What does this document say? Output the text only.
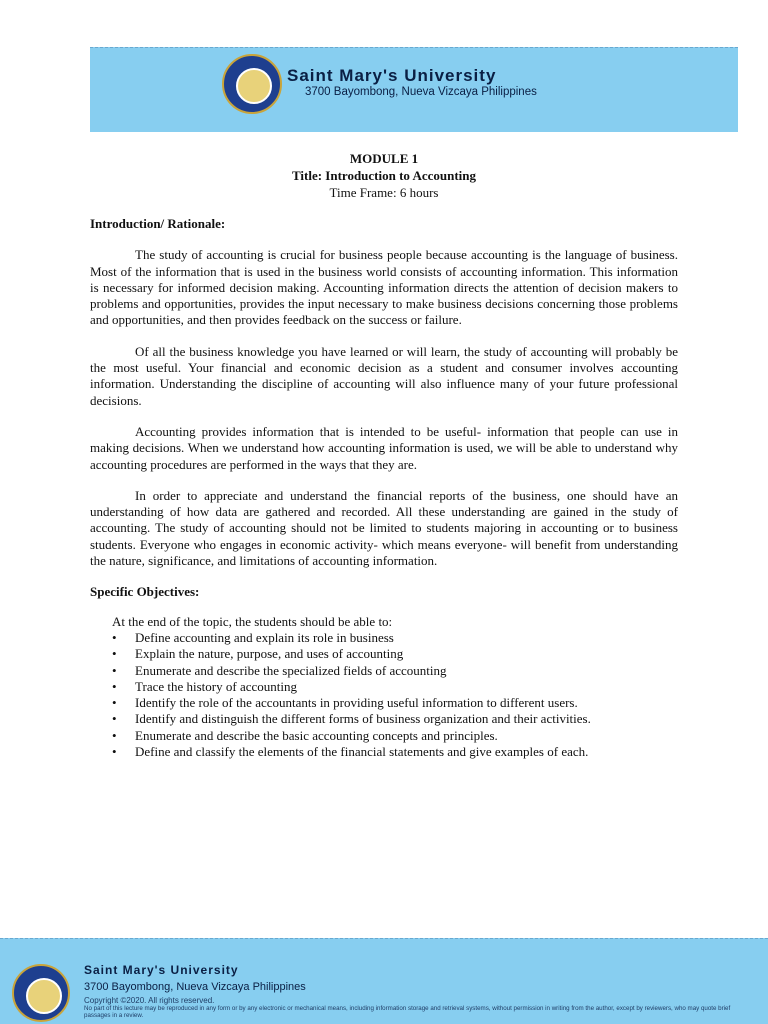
Saint Mary's University
3700 Bayombong, Nueva Vizcaya Philippines
MODULE 1
Title: Introduction to Accounting
Time Frame: 6 hours

Introduction/ Rationale:

The study of accounting is crucial for business people because accounting is the language of business. Most of the information that is used in the business world consists of accounting information. This information is necessary for informed decision making. Accounting information directs the attention of decision makers to problems and opportunities, provides the input necessary to make business decisions concerning those problems and opportunities, and then provides feedback on the success or failure.

Of all the business knowledge you have learned or will learn, the study of accounting will probably be the most useful. Your financial and economic decision as a student and consumer involves accounting information. Understanding the discipline of accounting will also influence many of your future professional decisions.

Accounting provides information that is intended to be useful- information that people can use in making decisions. When we understand how accounting information is used, we will be able to understand why accounting procedures are performed in the ways that they are.

In order to appreciate and understand the financial reports of the business, one should have an understanding of how data are gathered and recorded. All these understanding are gained in the study of accounting. The study of accounting should not be limited to students majoring in accounting or to business students. Everyone who engages in economic activity- which means everyone- will benefit from understanding the nature, significance, and limitations of accounting information.

Specific Objectives:

At the end of the topic, the students should be able to:

• Define accounting and explain its role in business
• Explain the nature, purpose, and uses of accounting
• Enumerate and describe the specialized fields of accounting
• Trace the history of accounting
• Identify the role of the accountants in providing useful information to different users.
• Identify and distinguish the different forms of business organization and their activities.
• Enumerate and describe the basic accounting concepts and principles.
• Define and classify the elements of the financial statements and give examples of each.
Saint Mary's University
3700 Bayombong, Nueva Vizcaya Philippines
Copyright ©2020. All rights reserved.
No part of this lecture may be reproduced in any form or by any electronic or mechanical means, including information storage and retrieval systems, without permission in writing from the author, except by reviewers, who may quote brief passages in a review.
